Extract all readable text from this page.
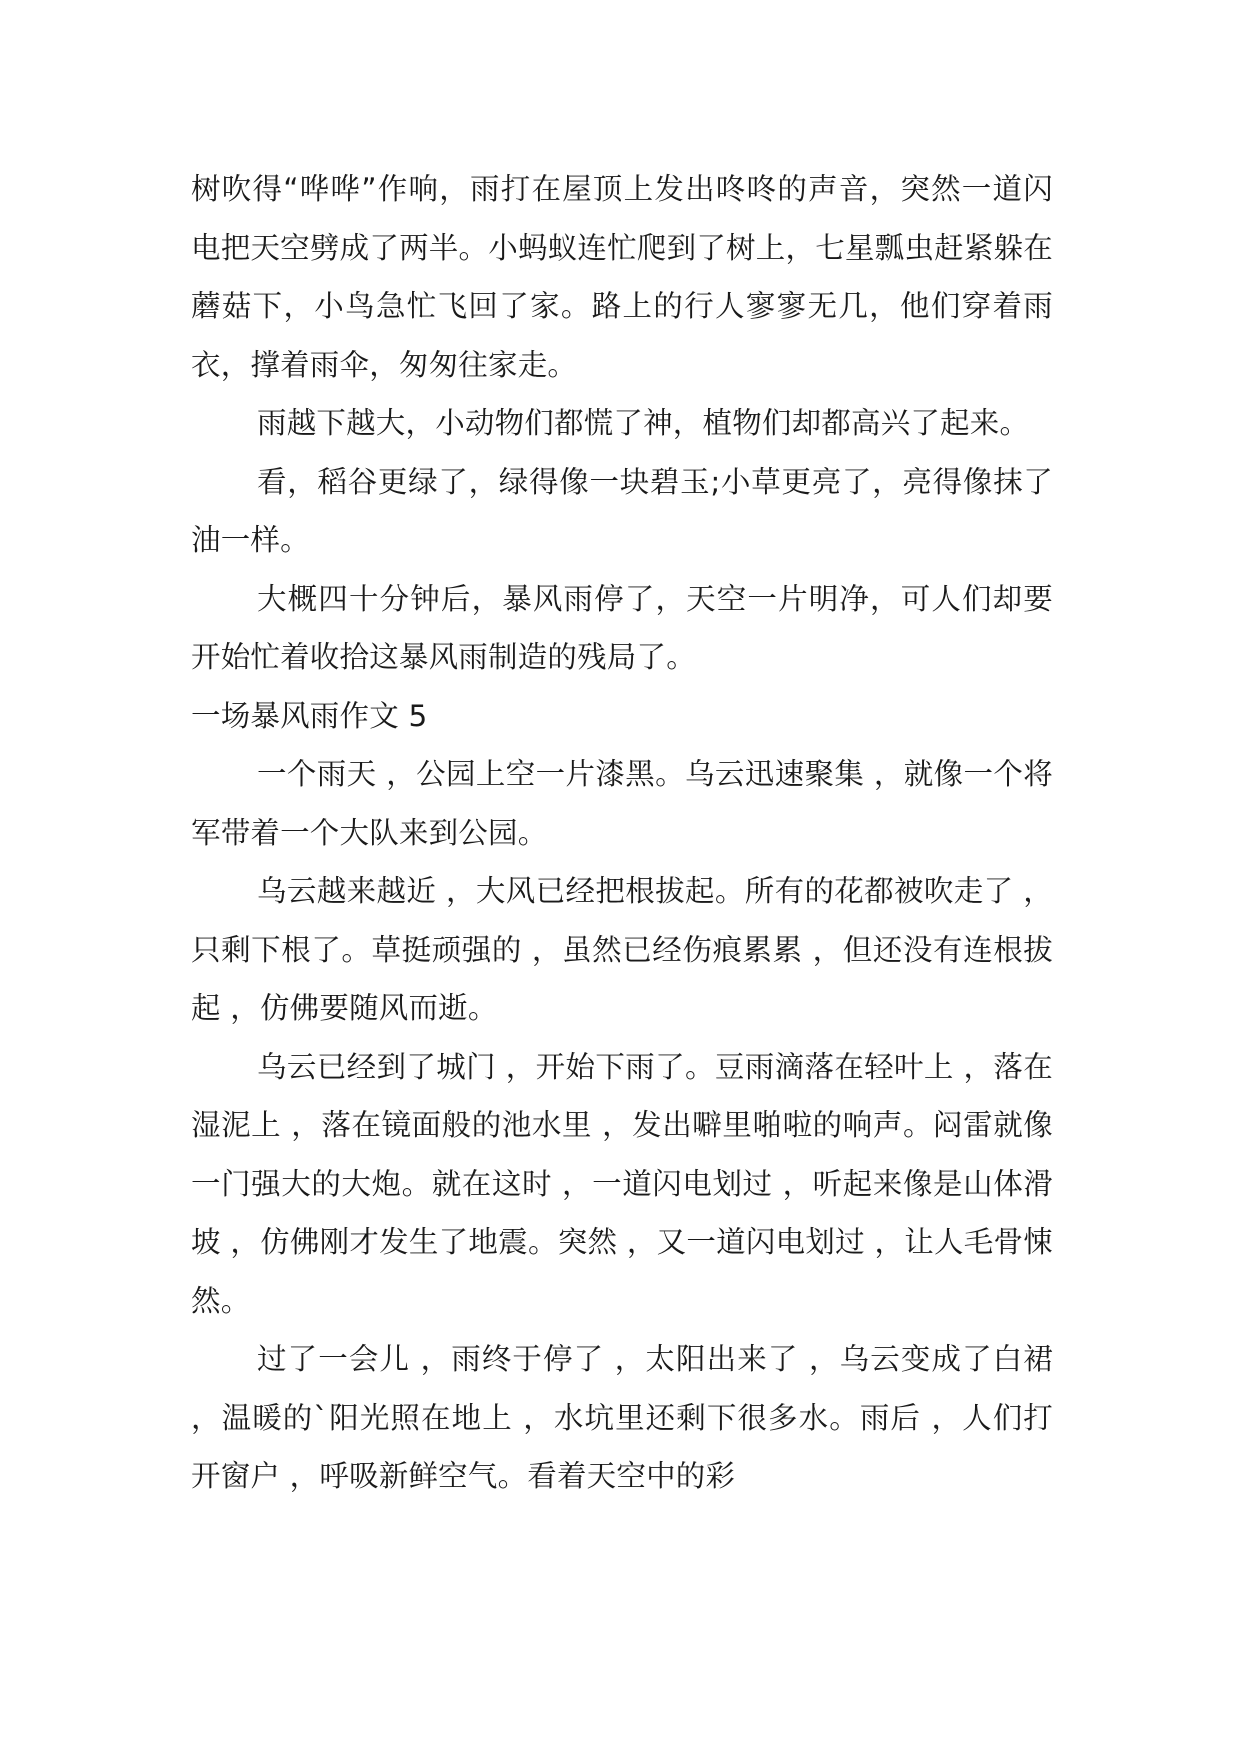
树吹得“哗哗”作响，雨打在屋顶上发出咚咚的声音，突然一道闪电把天空劈成了两半。小蚂蚁连忙爬到了树上，七星瓢虫赶紧躲在蘑菇下，小鸟急忙飞回了家。路上的行人寥寥无几，他们穿着雨衣，撑着雨伞，匆匆往家走。

雨越下越大，小动物们都慌了神，植物们却都高兴了起来。

看，稻谷更绿了，绿得像一块碧玉;小草更亮了，亮得像抹了油一样。

大概四十分钟后，暴风雨停了，天空一片明净，可人们却要开始忙着收拾这暴风雨制造的残局了。

一场暴风雨作文 5

一个雨天 ，公园上空一片漆黑。乌云迅速聚集 ，就像一个将军带着一个大队来到公园。

乌云越来越近 ，大风已经把根拔起。所有的花都被吹走了 ，只剩下根了。草挺顽强的 ，虽然已经伤痕累累 ，但还没有连根拔起 ，仿佛要随风而逝。

乌云已经到了城门 ，开始下雨了。豆雨滴落在轻叶上 ，落在湿泥上 ，落在镜面般的池水里 ，发出噼里啪啦的响声。闷雷就像一门强大的大炮。就在这时 ，一道闪电划过 ，听起来像是山体滑坡 ，仿佛刚才发生了地震。突然 ，又一道闪电划过 ，让人毛骨悚然。

过了一会儿 ，雨终于停了 ，太阳出来了 ，乌云变成了白裙 ，温暖的`阳光照在地上 ，水坑里还剩下很多水。雨后 ，人们打开窗户 ，呼吸新鲜空气。看着天空中的彩
